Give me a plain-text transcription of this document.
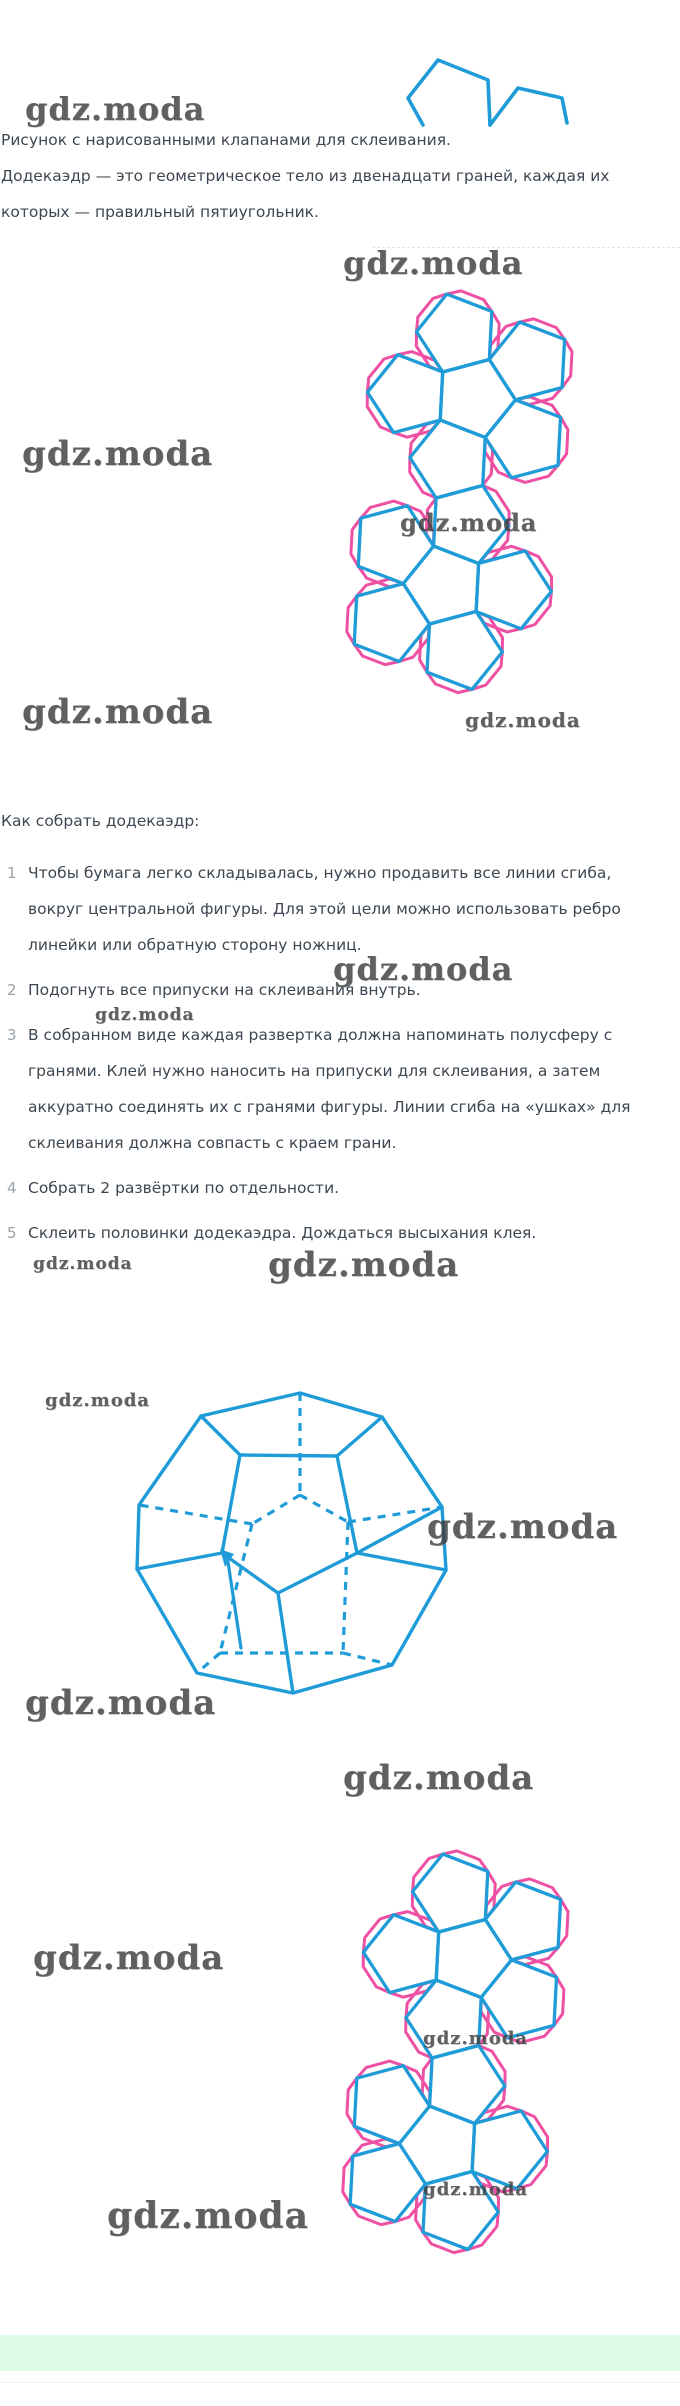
Рисунок с нарисованными клапанами для склеивания.

Додекаэдр — это геометрическое тело из двенадцати граней, каждая их которых — правильный пятиугольник.

Как собрать додекаэдр:

1 Чтобы бумага легко складывалась, нужно продавить все линии сгиба, вокруг центральной фигуры. Для этой цели можно использовать ребро линейки или обратную сторону ножниц.
2 Подогнуть все припуски на склеивания внутрь.
3 В собранном виде каждая развертка должна напоминать полусферу с гранями. Клей нужно наносить на припуски для склеивания, а затем аккуратно соединять их с гранями фигуры. Линии сгиба на «ушках» для склеивания должна совпасть с краем грани.
4 Собрать 2 развёртки по отдельности.
5 Склеить половинки додекаэдра. Дождаться высыхания клея.
gdz.moda
gdz.moda
gdz.moda
gdz.moda
gdz.moda	gdz.moda
gdz.moda
gdz.moda
gdz.moda	gdz.moda
gdz.moda
gdz.moda
gdz.moda
gdz.moda
gdz.moda
gdz.moda
gdz.moda
gdz.moda
